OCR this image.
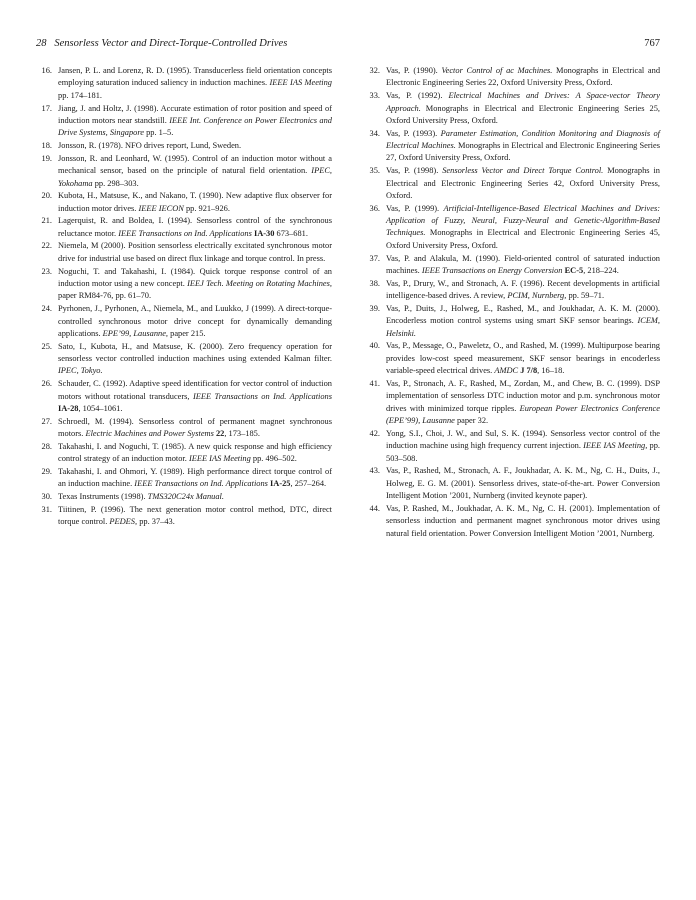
28 Sensorless Vector and Direct-Torque-Controlled Drives	767
16. Jansen, P. L. and Lorenz, R. D. (1995). Transducerless field orientation concepts employing saturation induced saliency in induction machines. IEEE IAS Meeting pp. 174–181.
17. Jiang, J. and Holtz, J. (1998). Accurate estimation of rotor position and speed of induction motors near standstill. IEEE Int. Conference on Power Electronics and Drive Systems, Singapore pp. 1–5.
18. Jonsson, R. (1978). NFO drives report, Lund, Sweden.
19. Jonsson, R. and Leonhard, W. (1995). Control of an induction motor without a mechanical sensor, based on the principle of natural field orientation. IPEC, Yokohama pp. 298–303.
20. Kubota, H., Matsuse, K., and Nakano, T. (1990). New adaptive flux observer for induction motor drives. IEEE IECON pp. 921–926.
21. Lagerquist, R. and Boldea, I. (1994). Sensorless control of the synchronous reluctance motor. IEEE Transactions on Ind. Applications IA-30 673–681.
22. Niemela, M (2000). Position sensorless electrically excitated synchronous motor drive for industrial use based on direct flux linkage and torque control. In press.
23. Noguchi, T. and Takahashi, I. (1984). Quick torque response control of an induction motor using a new concept. IEEJ Tech. Meeting on Rotating Machines, paper RM84-76, pp. 61–70.
24. Pyrhonen, J., Pyrhonen, A., Niemela, M., and Luukko, J (1999). A direct-torque-controlled synchronous motor drive concept for dynamically demanding applications. EPE’99, Lausanne, paper 215.
25. Sato, I., Kubota, H., and Matsuse, K. (2000). Zero frequency operation for sensorless vector controlled induction machines using extended Kalman filter. IPEC, Tokyo.
26. Schauder, C. (1992). Adaptive speed identification for vector control of induction motors without rotational transducers, IEEE Transactions on Ind. Applications IA-28, 1054–1061.
27. Schroedl, M. (1994). Sensorless control of permanent magnet synchronous motors. Electric Machines and Power Systems 22, 173–185.
28. Takahashi, I. and Noguchi, T. (1985). A new quick response and high efficiency control strategy of an induction motor. IEEE IAS Meeting pp. 496–502.
29. Takahashi, I. and Ohmori, Y. (1989). High performance direct torque control of an induction machine. IEEE Transactions on Ind. Applications IA-25, 257–264.
30. Texas Instruments (1998). TMS320C24x Manual.
31. Tiitinen, P. (1996). The next generation motor control method, DTC, direct torque control. PEDES, pp. 37–43.
32. Vas, P. (1990). Vector Control of ac Machines. Monographs in Electrical and Electronic Engineering Series 22, Oxford University Press, Oxford.
33. Vas, P. (1992). Electrical Machines and Drives: A Space-vector Theory Approach. Monographs in Electrical and Electronic Engineering Series 25, Oxford University Press, Oxford.
34. Vas, P. (1993). Parameter Estimation, Condition Monitoring and Diagnosis of Electrical Machines. Monographs in Electrical and Electronic Engineering Series 27, Oxford University Press, Oxford.
35. Vas, P. (1998). Sensorless Vector and Direct Torque Control. Monographs in Electrical and Electronic Engineering Series 42, Oxford University Press, Oxford.
36. Vas, P. (1999). Artificial-Intelligence-Based Electrical Machines and Drives: Application of Fuzzy, Neural, Fuzzy-Neural and Genetic-Algorithm-Based Techniques. Monographs in Electrical and Electronic Engineering Series 45, Oxford University Press, Oxford.
37. Vas, P. and Alakula, M. (1990). Field-oriented control of saturated induction machines. IEEE Transactions on Energy Conversion EC-5, 218–224.
38. Vas, P., Drury, W., and Stronach, A. F. (1996). Recent developments in artificial intelligence-based drives. A review, PCIM, Nurnberg, pp. 59–71.
39. Vas, P., Duits, J., Holweg, E., Rashed, M., and Joukhadar, A. K. M. (2000). Encoderless motion control systems using smart SKF sensor bearings. ICEM, Helsinki.
40. Vas, P., Message, O., Paweletz, O., and Rashed, M. (1999). Multipurpose bearing provides low-cost speed measurement, SKF sensor bearings in encoderless variable-speed electrical drives. AMDC J 7/8, 16–18.
41. Vas, P., Stronach, A. F., Rashed, M., Zordan, M., and Chew, B. C. (1999). DSP implementation of sensorless DTC induction motor and p.m. synchronous motor drives with minimized torque ripples. European Power Electronics Conference (EPE’99), Lausanne paper 32.
42. Yong, S.I., Choi, J. W., and Sul, S. K. (1994). Sensorless vector control of the induction machine using high frequency current injection. IEEE IAS Meeting, pp. 503–508.
43. Vas, P., Rashed, M., Stronach, A. F., Joukhadar, A. K. M., Ng, C. H., Duits, J., Holweg, E. G. M. (2001). Sensorless drives, state-of-the-art. Power Conversion Intelligent Motion ’2001, Nurnberg (invited keynote paper).
44. Vas, P. Rashed, M., Joukhadar, A. K. M., Ng, C. H. (2001). Implementation of sensorless induction and permanent magnet synchronous motor drives using natural field orientation. Power Conversion Intelligent Motion ’2001, Nurnberg.
